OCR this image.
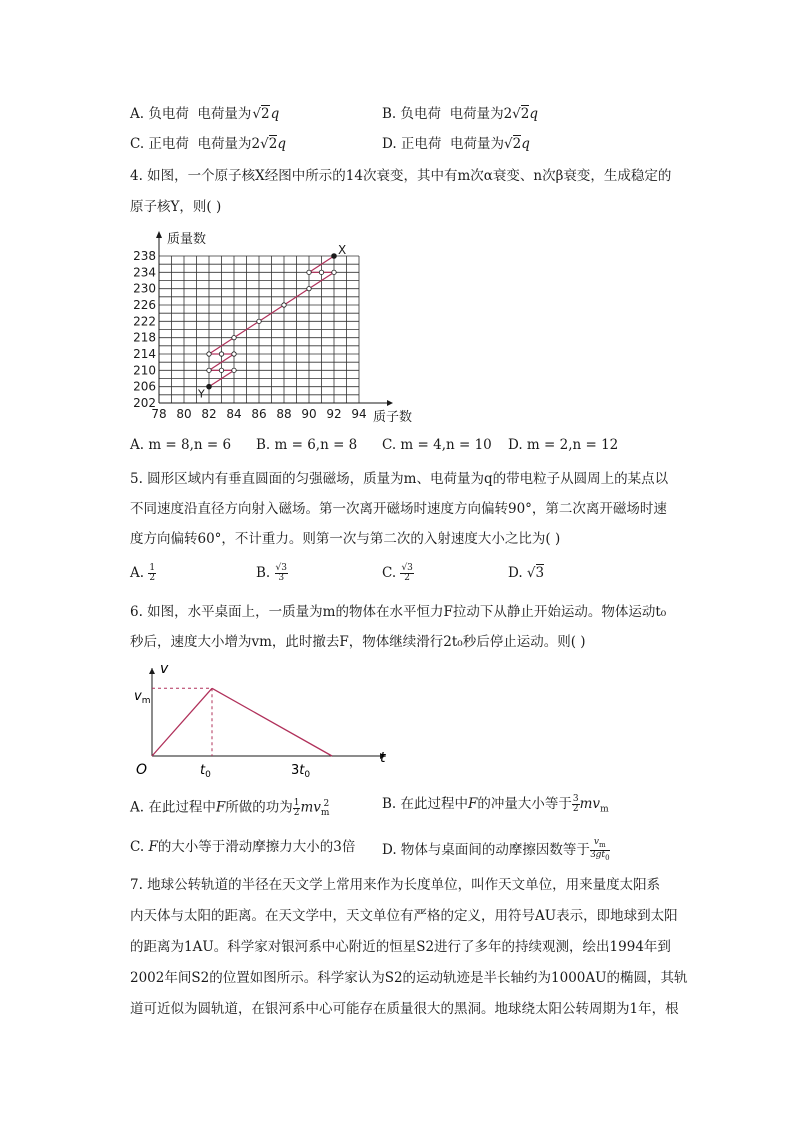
A. 负电荷  电荷量为√2q	B. 负电荷  电荷量为2√2q
C. 正电荷  电荷量为2√2q	D. 正电荷  电荷量为√2q
4. 如图，一个原子核X经图中所示的14次衰变，其中有m次α衰变、n次β衰变，生成稳定的
原子核Y，则( )
78 80 82 84 86 88 90 92 94
202
206
210
214
218
222
226
230
234
238
质量数
质子数
X
Y
A. m = 8,n = 6 B. m = 6,n = 8 C. m = 4,n = 10 D. m = 2,n = 12
5. 圆形区域内有垂直圆面的匀强磁场，质量为m、电荷量为q的带电粒子从圆周上的某点以
不同速度沿直径方向射入磁场。第一次离开磁场时速度方向偏转90°，第二次离开磁场时速
度方向偏转60°，不计重力。则第一次与第二次的入射速度大小之比为( )
A. $\frac{1}{2}$	B. $\frac{√3}{3}$	C. $\frac{√3}{2}$	D. √3
6. 如图，水平桌面上，一质量为m的物体在水平恒力F拉动下从静止开始运动。物体运动t₀
秒后，速度大小增为vm，此时撤去F，物体继续滑行2t₀秒后停止运动。则( )
v
t
O
$v_m$
$t_0$	$3t_0$
A. 在此过程中F所做的功为 $\frac{1}{2} mv_m^2$	B. 在此过程中F的冲量大小等于 $\frac{3}{2} mv_m$
C. F的大小等于滑动摩擦力大小的3倍 D. 物体与桌面间的动摩擦因数等于 $\frac{v_m}{3gt_0}$
7. 地球公转轨道的半径在天文学上常用来作为长度单位，叫作天文单位，用来量度太阳系
内天体与太阳的距离。在天文学中，天文单位有严格的定义，用符号AU表示，即地球到太阳
的距离为1AU。科学家对银河系中心附近的恒星S2进行了多年的持续观测，绘出1994年到
2002年间S2的位置如图所示。科学家认为S2的运动轨迹是半长轴约为1000AU的椭圆，其轨
道可近似为圆轨道，在银河系中心可能存在质量很大的黑洞。地球绕太阳公转周期为1年，根
